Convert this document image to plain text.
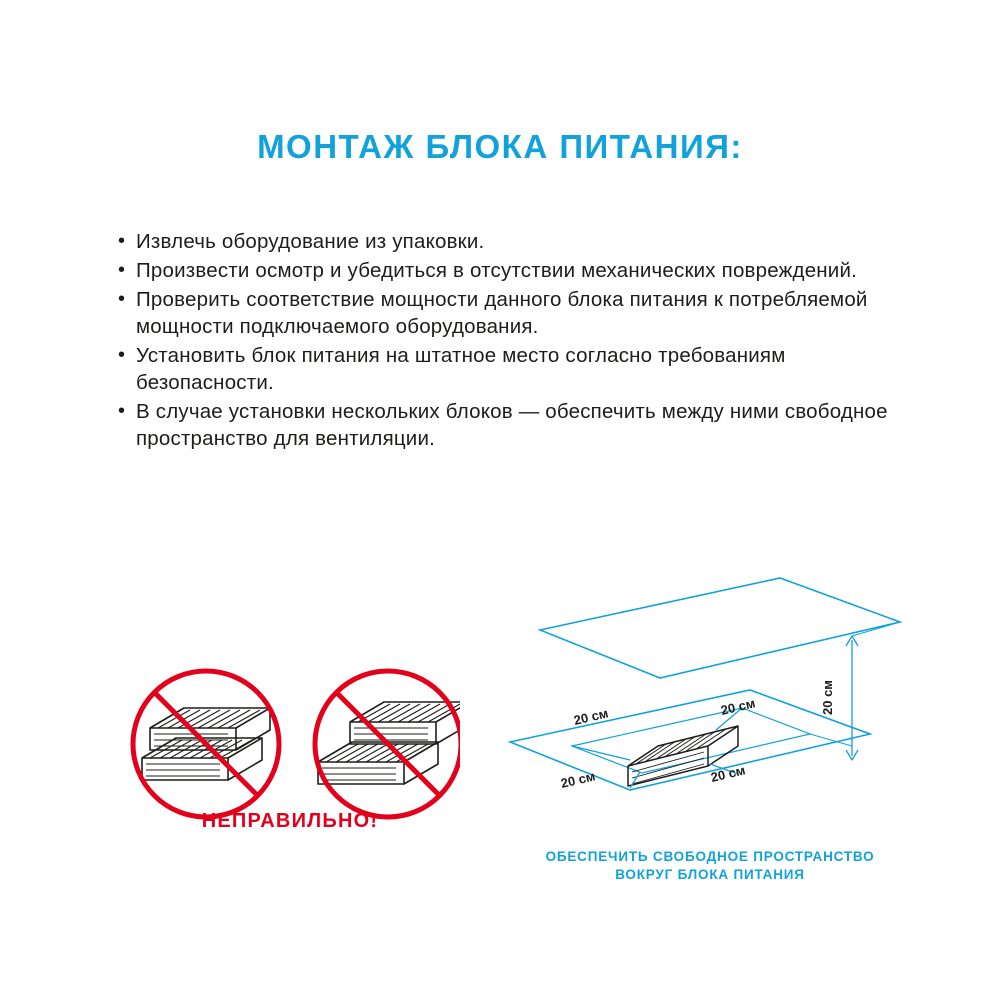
МОНТАЖ БЛОКА ПИТАНИЯ:
• Извлечь оборудование из упаковки.
• Произвести осмотр и убедиться в отсутствии механических повреждений.
• Проверить соответствие мощности данного блока питания к потребляемой мощности подключаемого оборудования.
• Установить блок питания на штатное место согласно требованиям безопасности.
• В случае установки нескольких блоков — обеспечить между ними свободное пространство для вентиляции.
НЕПРАВИЛЬНО!
20 см	20 см
20 см	20 см
20 см
ОБЕСПЕЧИТЬ СВОБОДНОЕ ПРОСТРАНСТВО
ВОКРУГ БЛОКА ПИТАНИЯ
